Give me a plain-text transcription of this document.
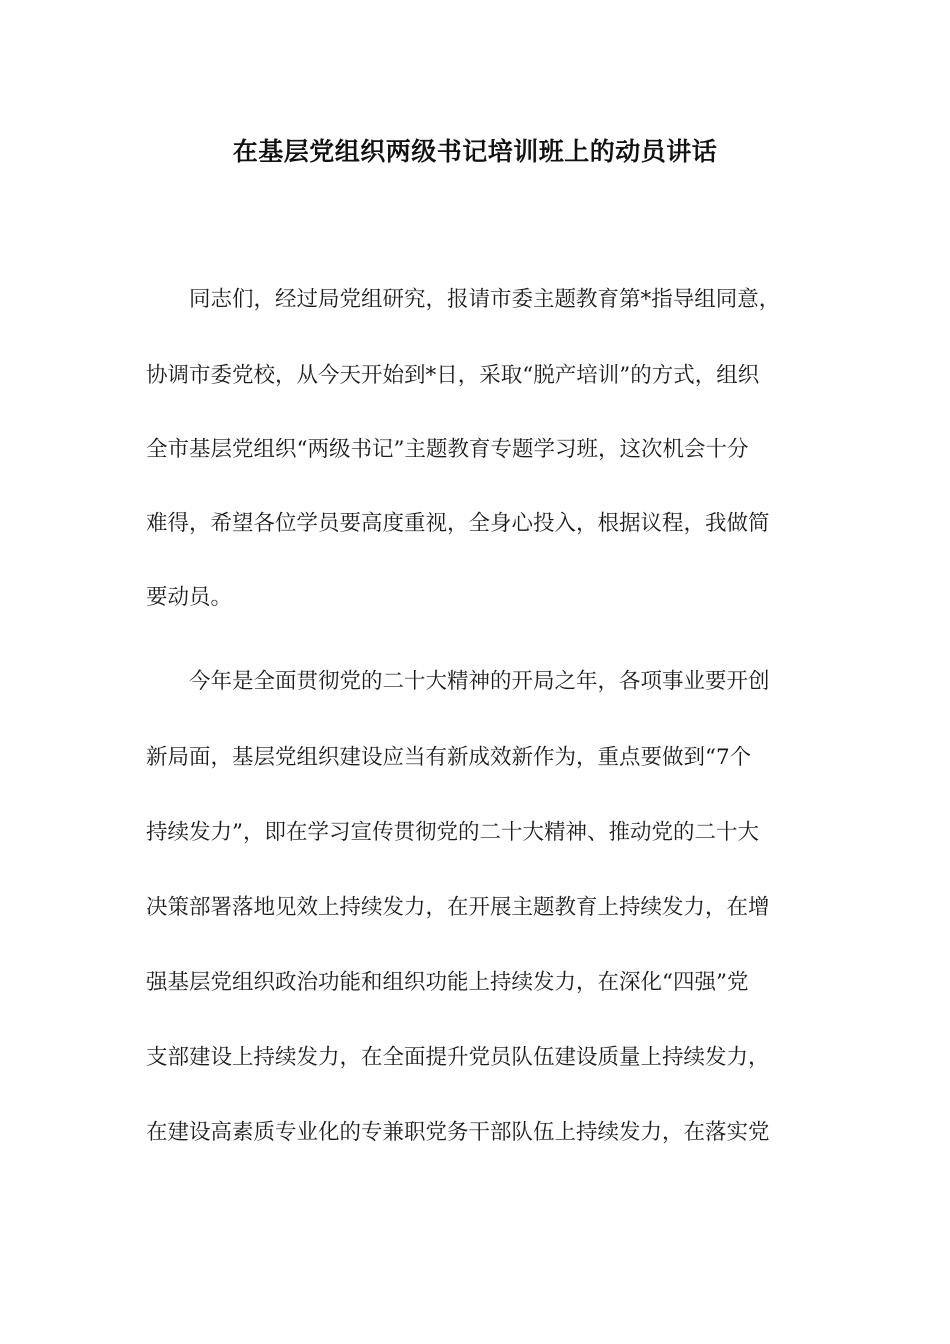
在基层党组织两级书记培训班上的动员讲话

同志们，经过局党组研究，报请市委主题教育第*指导组同意，

协调市委党校，从今天开始到*日，采取“脱产培训”的方式，组织

全市基层党组织“两级书记”主题教育专题学习班，这次机会十分

难得，希望各位学员要高度重视，全身心投入，根据议程，我做简

要动员。

今年是全面贯彻党的二十大精神的开局之年，各项事业要开创

新局面，基层党组织建设应当有新成效新作为，重点要做到“7个

持续发力”，即在学习宣传贯彻党的二十大精神、推动党的二十大

决策部署落地见效上持续发力，在开展主题教育上持续发力，在增

强基层党组织政治功能和组织功能上持续发力，在深化“四强”党

支部建设上持续发力，在全面提升党员队伍建设质量上持续发力，

在建设高素质专业化的专兼职党务干部队伍上持续发力，在落实党
